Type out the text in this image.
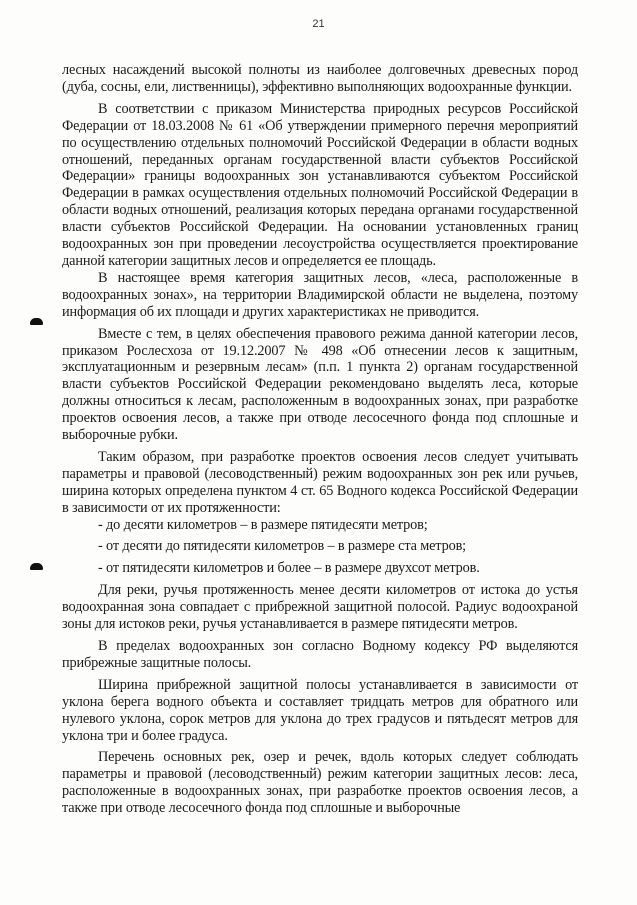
21

лесных насаждений высокой полноты из наиболее долговечных древесных пород (дуба, сосны, ели, лиственницы), эффективно выполняющих водоохранные функции.

В соответствии с приказом Министерства природных ресурсов Российской Федерации от 18.03.2008 № 61 «Об утверждении примерного перечня мероприятий по осуществлению отдельных полномочий Российской Федерации в области водных отношений, переданных органам государственной власти субъектов Российской Федерации» границы водоохранных зон устанавливаются субъектом Российской Федерации в рамках осуществления отдельных полномочий Российской Федерации в области водных отношений, реализация которых передана органами государственной власти субъектов Российской Федерации. На основании установленных границ водоохранных зон при проведении лесоустройства осуществляется проектирование данной категории защитных лесов и определяется ее площадь.

В настоящее время категория защитных лесов, «леса, расположенные в водоохранных зонах», на территории Владимирской области не выделена, поэтому информация об их площади и других характеристиках не приводится.

Вместе с тем, в целях обеспечения правового режима данной категории лесов, приказом Рослесхоза от 19.12.2007 № 498 «Об отнесении лесов к защитным, эксплуатационным и резервным лесам» (п.п. 1 пункта 2) органам государственной власти субъектов Российской Федерации рекомендовано выделять леса, которые должны относиться к лесам, расположенным в водоохранных зонах, при разработке проектов освоения лесов, а также при отводе лесосечного фонда под сплошные и выборочные рубки.

Таким образом, при разработке проектов освоения лесов следует учитывать параметры и правовой (лесоводственный) режим водоохранных зон рек или ручьев, ширина которых определена пунктом 4 ст. 65 Водного кодекса Российской Федерации в зависимости от их протяженности:

- до десяти километров – в размере пятидесяти метров;

- от десяти до пятидесяти километров – в размере ста метров;

- от пятидесяти километров и более – в размере двухсот метров.

Для реки, ручья протяженность менее десяти километров от истока до устья водоохранная зона совпадает с прибрежной защитной полосой. Радиус водоохраной зоны для истоков реки, ручья устанавливается в размере пятидесяти метров.

В пределах водоохранных зон согласно Водному кодексу РФ выделяются прибрежные защитные полосы.

Ширина прибрежной защитной полосы устанавливается в зависимости от уклона берега водного объекта и составляет тридцать метров для обратного или нулевого уклона, сорок метров для уклона до трех градусов и пятьдесят метров для уклона три и более градуса.

Перечень основных рек, озер и речек, вдоль которых следует соблюдать параметры и правовой (лесоводственный) режим категории защитных лесов: леса, расположенные в водоохранных зонах, при разработке проектов освоения лесов, а также при отводе лесосечного фонда под сплошные и выборочные
